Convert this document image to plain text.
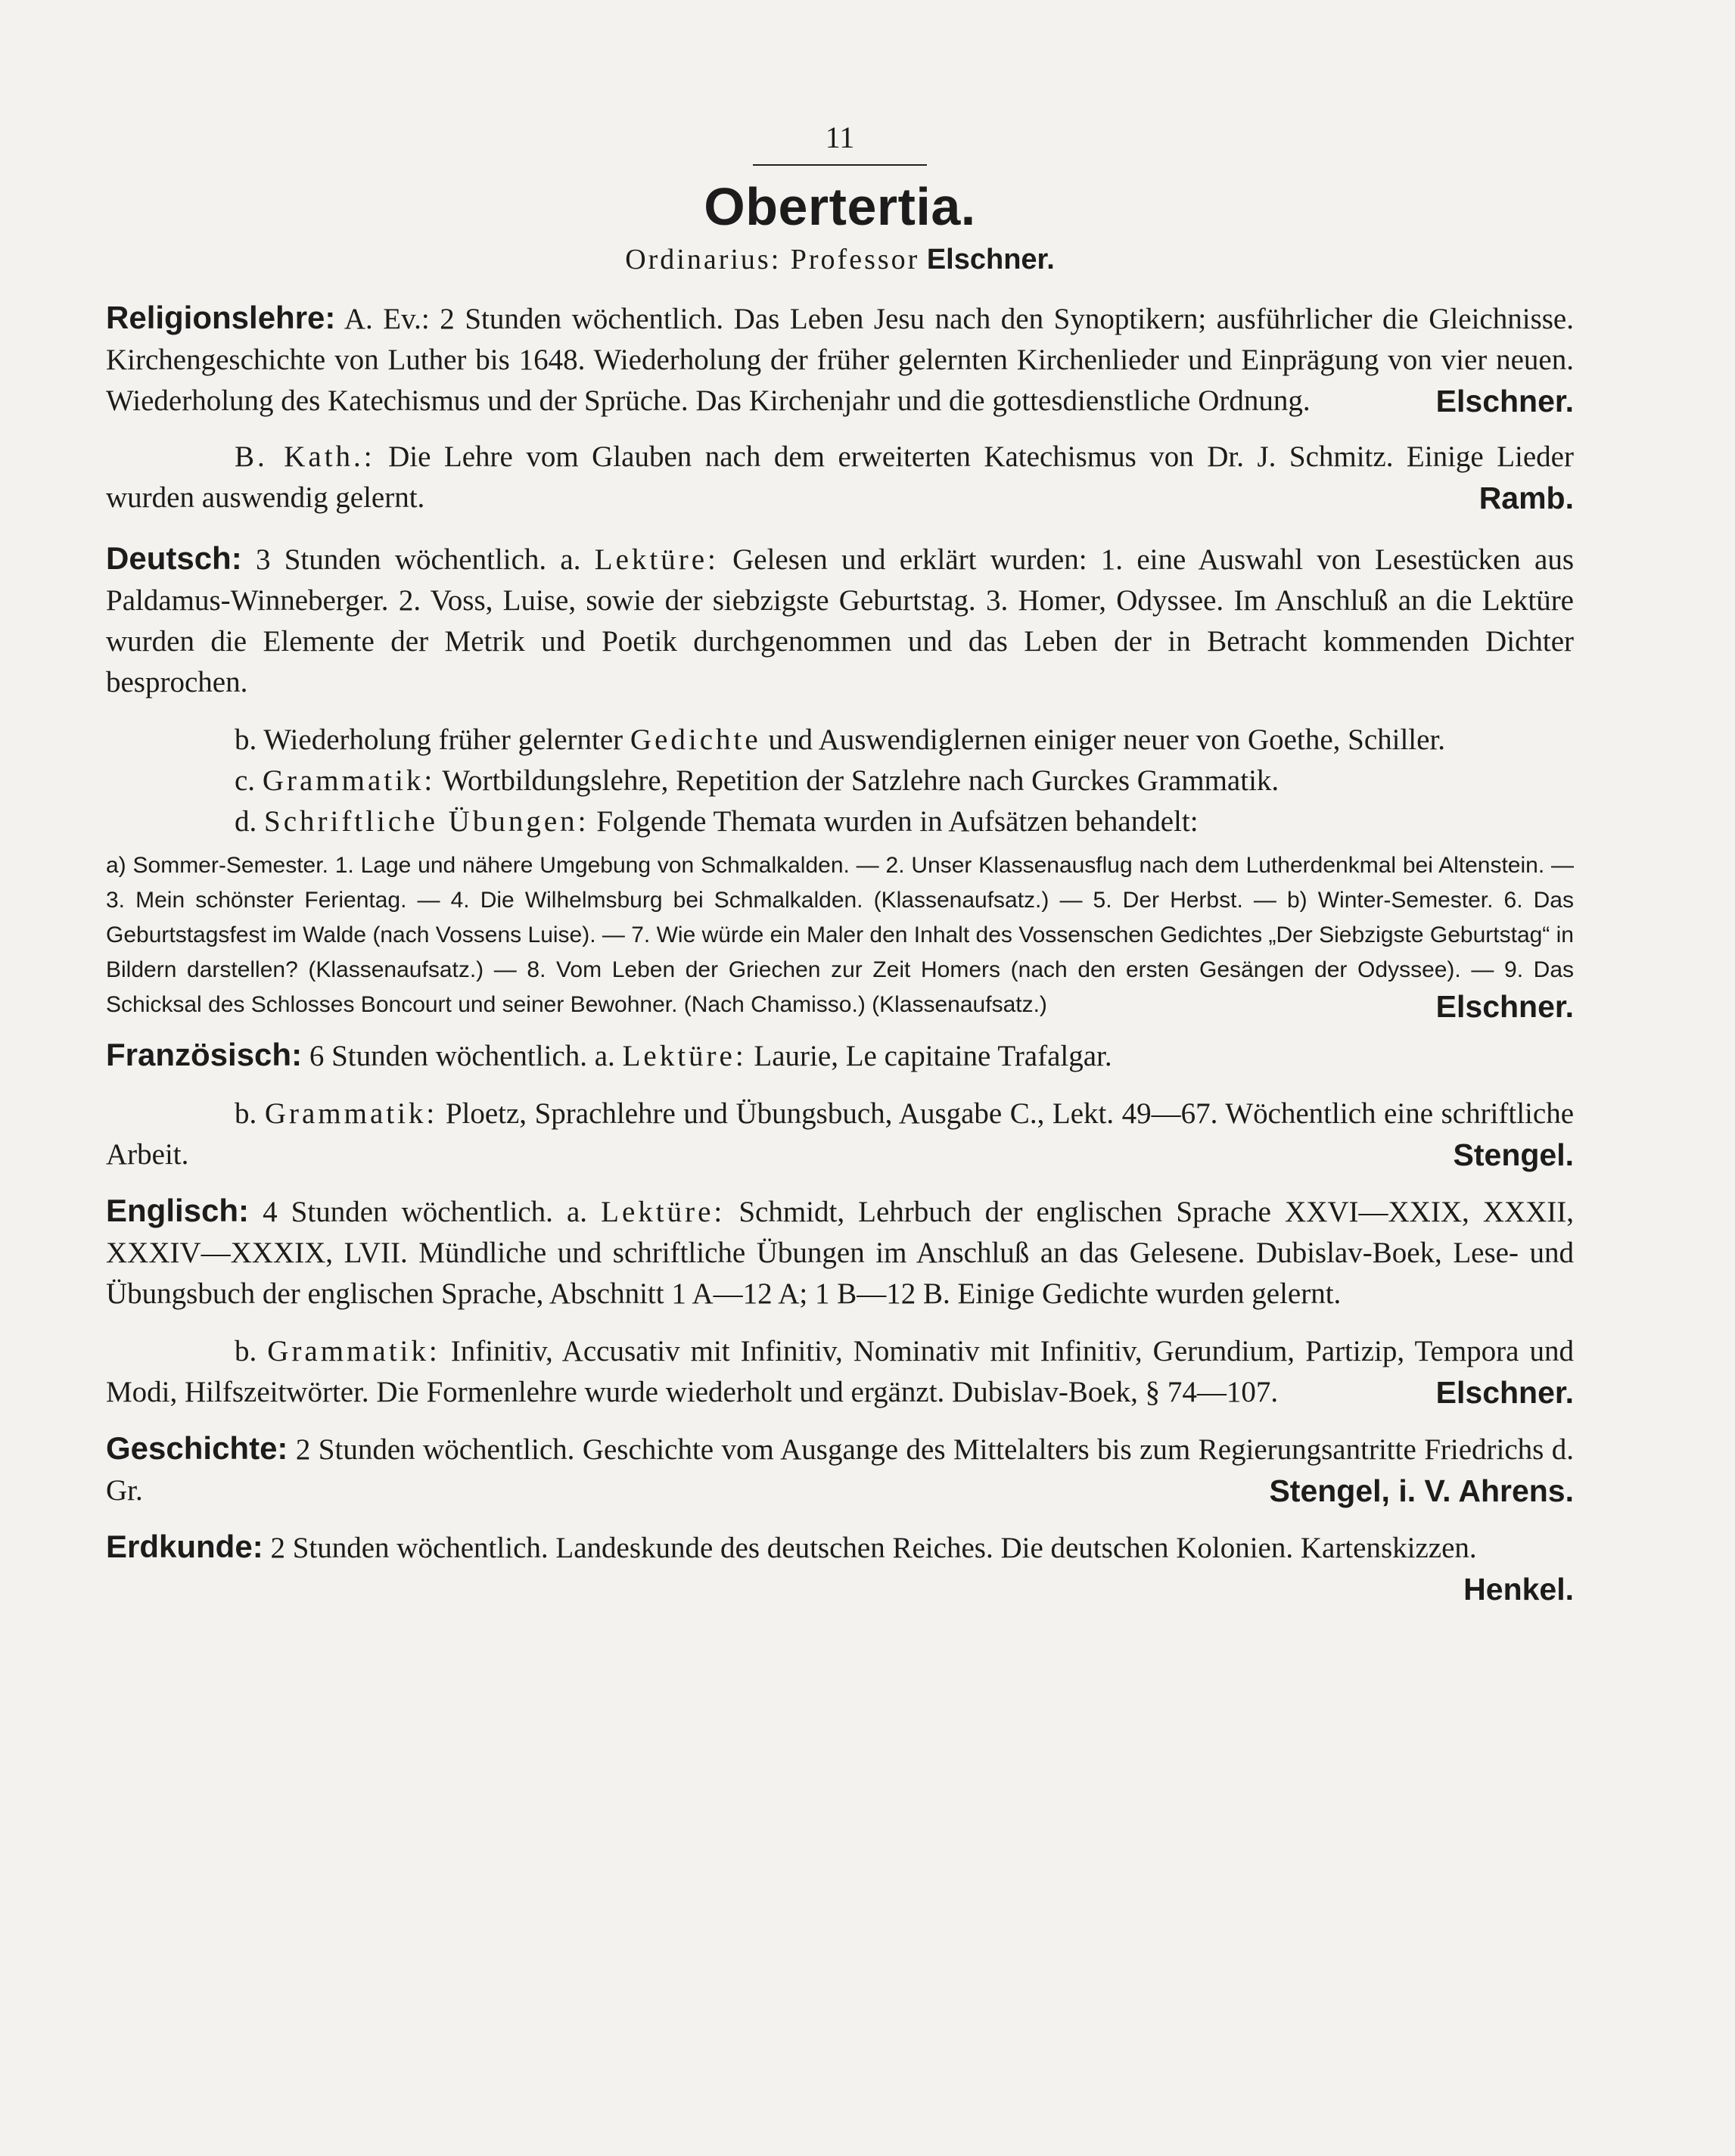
11
Obertertia.
Ordinarius: Professor Elschner.

Religionslehre: A. Ev.: 2 Stunden wöchentlich. Das Leben Jesu nach den Synoptikern; ausführlicher die Gleichnisse. Kirchengeschichte von Luther bis 1648. Wiederholung der früher gelernten Kirchenlieder und Einprägung von vier neuen. Wiederholung des Katechismus und der Sprüche. Das Kirchenjahr und die gottesdienstliche Ordnung.	Elschner.

B. Kath.: Die Lehre vom Glauben nach dem erweiterten Katechismus von Dr. J. Schmitz. Einige Lieder wurden auswendig gelernt.	Ramb.

Deutsch: 3 Stunden wöchentlich. a. Lektüre: Gelesen und erklärt wurden: 1. eine Auswahl von Lesestücken aus Paldamus-Winneberger. 2. Voss, Luise, sowie der siebzigste Geburtstag. 3. Homer, Odyssee. Im Anschluß an die Lektüre wurden die Elemente der Metrik und Poetik durchgenommen und das Leben der in Betracht kommenden Dichter besprochen.

b. Wiederholung früher gelernter Gedichte und Auswendiglernen einiger neuer von Goethe, Schiller.

c. Grammatik: Wortbildungslehre, Repetition der Satzlehre nach Gurckes Grammatik.

d. Schriftliche Übungen: Folgende Themata wurden in Aufsätzen behandelt:

a) Sommer-Semester. 1. Lage und nähere Umgebung von Schmalkalden. — 2. Unser Klassenausflug nach dem Lutherdenkmal bei Altenstein. — 3. Mein schönster Ferientag. — 4. Die Wilhelmsburg bei Schmalkalden. (Klassenaufsatz.) — 5. Der Herbst. — b) Winter-Semester. 6. Das Geburtstagsfest im Walde (nach Vossens Luise). — 7. Wie würde ein Maler den Inhalt des Vossenschen Gedichtes „Der Siebzigste Geburtstag“ in Bildern darstellen? (Klassenaufsatz.) — 8. Vom Leben der Griechen zur Zeit Homers (nach den ersten Gesängen der Odyssee). — 9. Das Schicksal des Schlosses Boncourt und seiner Bewohner. (Nach Chamisso.) (Klassenaufsatz.)	Elschner.

Französisch: 6 Stunden wöchentlich. a. Lektüre: Laurie, Le capitaine Trafalgar.

b. Grammatik: Ploetz, Sprachlehre und Übungsbuch, Ausgabe C., Lekt. 49—67. Wöchentlich eine schriftliche Arbeit.	Stengel.

Englisch: 4 Stunden wöchentlich. a. Lektüre: Schmidt, Lehrbuch der englischen Sprache XXVI—XXIX, XXXII, XXXIV—XXXIX, LVII. Mündliche und schriftliche Übungen im Anschluß an das Gelesene. Dubislav-Boek, Lese- und Übungsbuch der englischen Sprache, Abschnitt 1 A—12 A; 1 B—12 B. Einige Gedichte wurden gelernt.

b. Grammatik: Infinitiv, Accusativ mit Infinitiv, Nominativ mit Infinitiv, Gerundium, Partizip, Tempora und Modi, Hilfszeitwörter. Die Formenlehre wurde wiederholt und ergänzt. Dubislav-Boek, § 74—107.	Elschner.

Geschichte: 2 Stunden wöchentlich. Geschichte vom Ausgange des Mittelalters bis zum Regierungsantritte Friedrichs d. Gr.	Stengel, i. V. Ahrens.

Erdkunde: 2 Stunden wöchentlich. Landeskunde des deutschen Reiches. Die deutschen Kolonien. Kartenskizzen.
Henkel.
